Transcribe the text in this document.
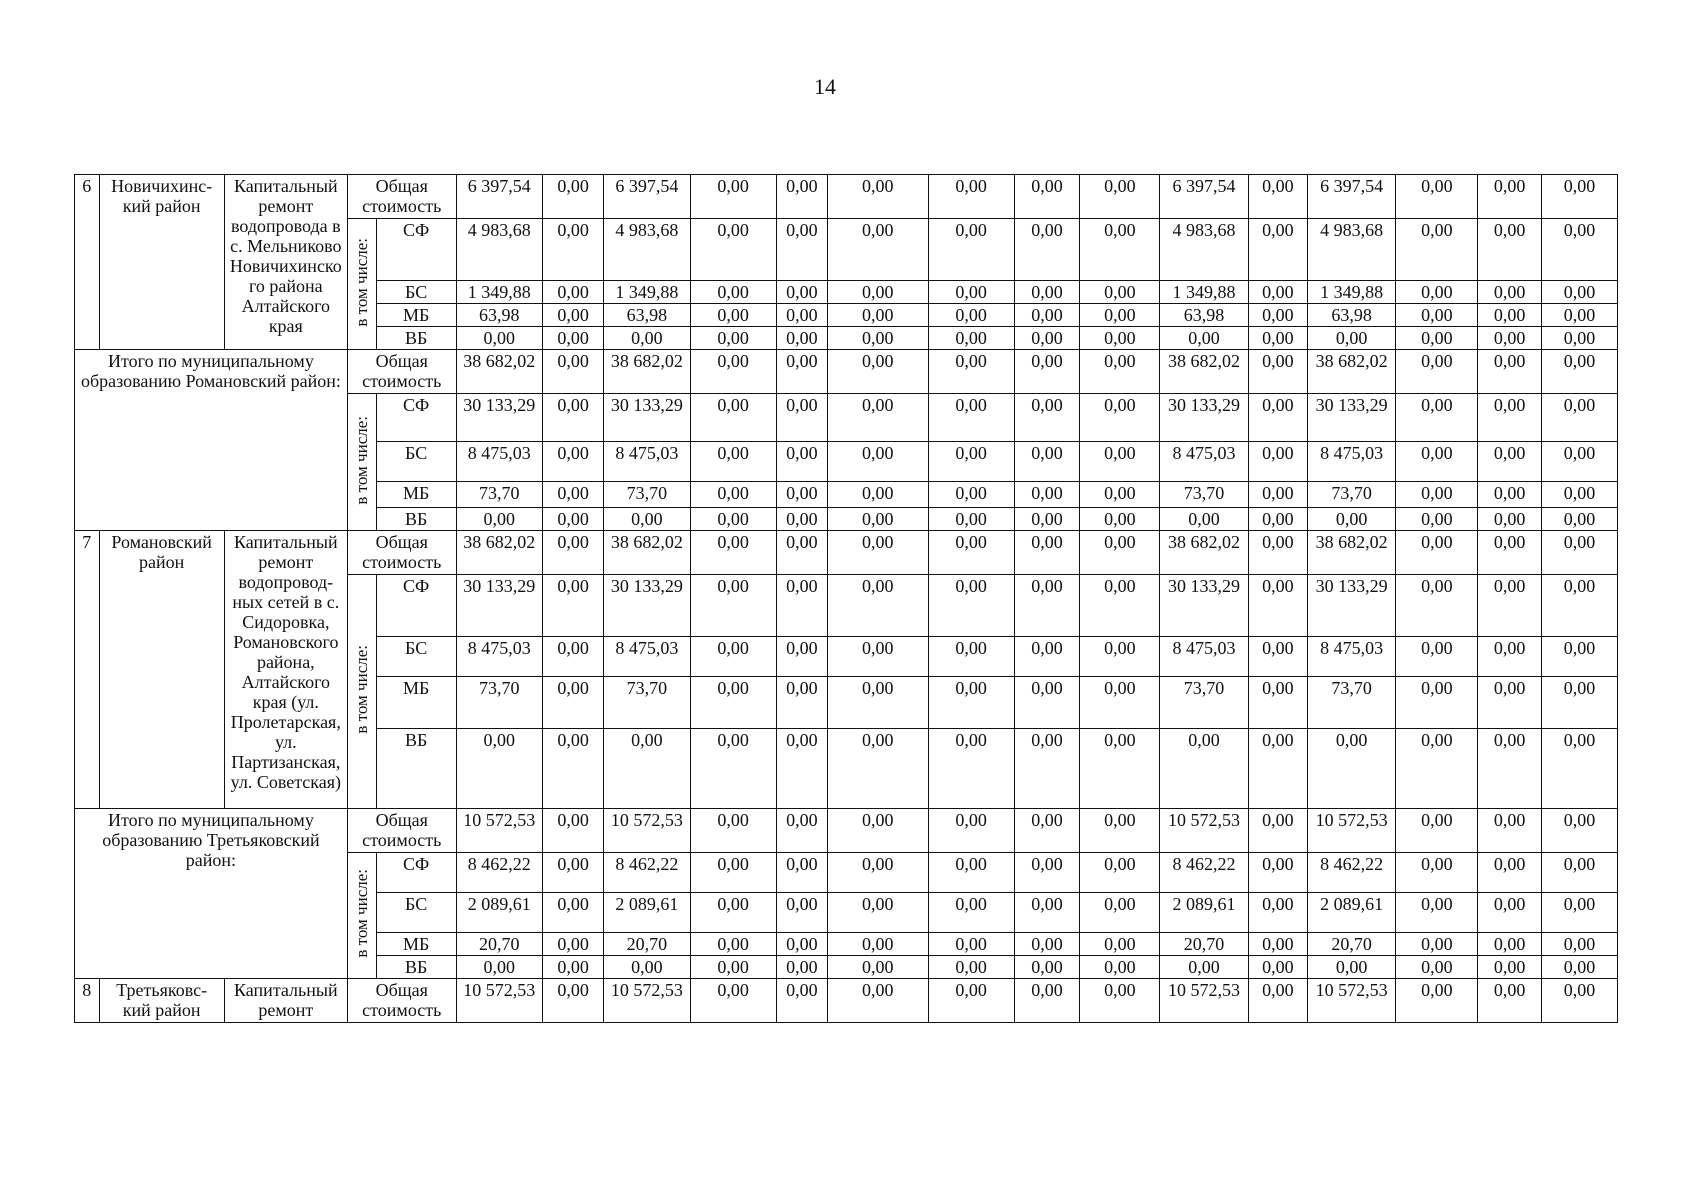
14
6	Новичихинс-кий район	Капитальный ремонт водопровода в с. Мельниково Новичихинско го района Алтайского края	Общая стоимость		6 397,54	0,00	6 397,54	0,00	0,00	0,00	0,00	0,00	0,00	6 397,54	0,00	6 397,54	0,00	0,00	0,00
			в том числе:	СФ	4 983,68	0,00	4 983,68	0,00	0,00	0,00	0,00	0,00	0,00	4 983,68	0,00	4 983,68	0,00	0,00	0,00
				БС	1 349,88	0,00	1 349,88	0,00	0,00	0,00	0,00	0,00	0,00	1 349,88	0,00	1 349,88	0,00	0,00	0,00
				МБ	63,98	0,00	63,98	0,00	0,00	0,00	0,00	0,00	0,00	63,98	0,00	63,98	0,00	0,00	0,00
				ВБ	0,00	0,00	0,00	0,00	0,00	0,00	0,00	0,00	0,00	0,00	0,00	0,00	0,00	0,00	0,00
Итого по муниципальному образованию Романовский район:			Общая стоимость		38 682,02	0,00	38 682,02	0,00	0,00	0,00	0,00	0,00	0,00	38 682,02	0,00	38 682,02	0,00	0,00	0,00
			в том числе:	СФ	30 133,29	0,00	30 133,29	0,00	0,00	0,00	0,00	0,00	0,00	30 133,29	0,00	30 133,29	0,00	0,00	0,00
				БС	8 475,03	0,00	8 475,03	0,00	0,00	0,00	0,00	0,00	0,00	8 475,03	0,00	8 475,03	0,00	0,00	0,00
				МБ	73,70	0,00	73,70	0,00	0,00	0,00	0,00	0,00	0,00	73,70	0,00	73,70	0,00	0,00	0,00
				ВБ	0,00	0,00	0,00	0,00	0,00	0,00	0,00	0,00	0,00	0,00	0,00	0,00	0,00	0,00	0,00
7	Романовский район	Капитальный ремонт водопровод-ных сетей в с. Сидоровка, Романовского района, Алтайского края (ул. Пролетарская, ул. Партизанская, ул. Советская)	Общая стоимость		38 682,02	0,00	38 682,02	0,00	0,00	0,00	0,00	0,00	0,00	38 682,02	0,00	38 682,02	0,00	0,00	0,00
			в том числе:	СФ	30 133,29	0,00	30 133,29	0,00	0,00	0,00	0,00	0,00	0,00	30 133,29	0,00	30 133,29	0,00	0,00	0,00
				БС	8 475,03	0,00	8 475,03	0,00	0,00	0,00	0,00	0,00	0,00	8 475,03	0,00	8 475,03	0,00	0,00	0,00
				МБ	73,70	0,00	73,70	0,00	0,00	0,00	0,00	0,00	0,00	73,70	0,00	73,70	0,00	0,00	0,00
				ВБ	0,00	0,00	0,00	0,00	0,00	0,00	0,00	0,00	0,00	0,00	0,00	0,00	0,00	0,00	0,00
Итого по муниципальному образованию Третьяковский район:			Общая стоимость		10 572,53	0,00	10 572,53	0,00	0,00	0,00	0,00	0,00	0,00	10 572,53	0,00	10 572,53	0,00	0,00	0,00
			в том числе:	СФ	8 462,22	0,00	8 462,22	0,00	0,00	0,00	0,00	0,00	0,00	8 462,22	0,00	8 462,22	0,00	0,00	0,00
				БС	2 089,61	0,00	2 089,61	0,00	0,00	0,00	0,00	0,00	0,00	2 089,61	0,00	2 089,61	0,00	0,00	0,00
				МБ	20,70	0,00	20,70	0,00	0,00	0,00	0,00	0,00	0,00	20,70	0,00	20,70	0,00	0,00	0,00
				ВБ	0,00	0,00	0,00	0,00	0,00	0,00	0,00	0,00	0,00	0,00	0,00	0,00	0,00	0,00	0,00
8	Третьяковс-кий район	Капитальный ремонт	Общая стоимость		10 572,53	0,00	10 572,53	0,00	0,00	0,00	0,00	0,00	0,00	10 572,53	0,00	10 572,53	0,00	0,00	0,00
